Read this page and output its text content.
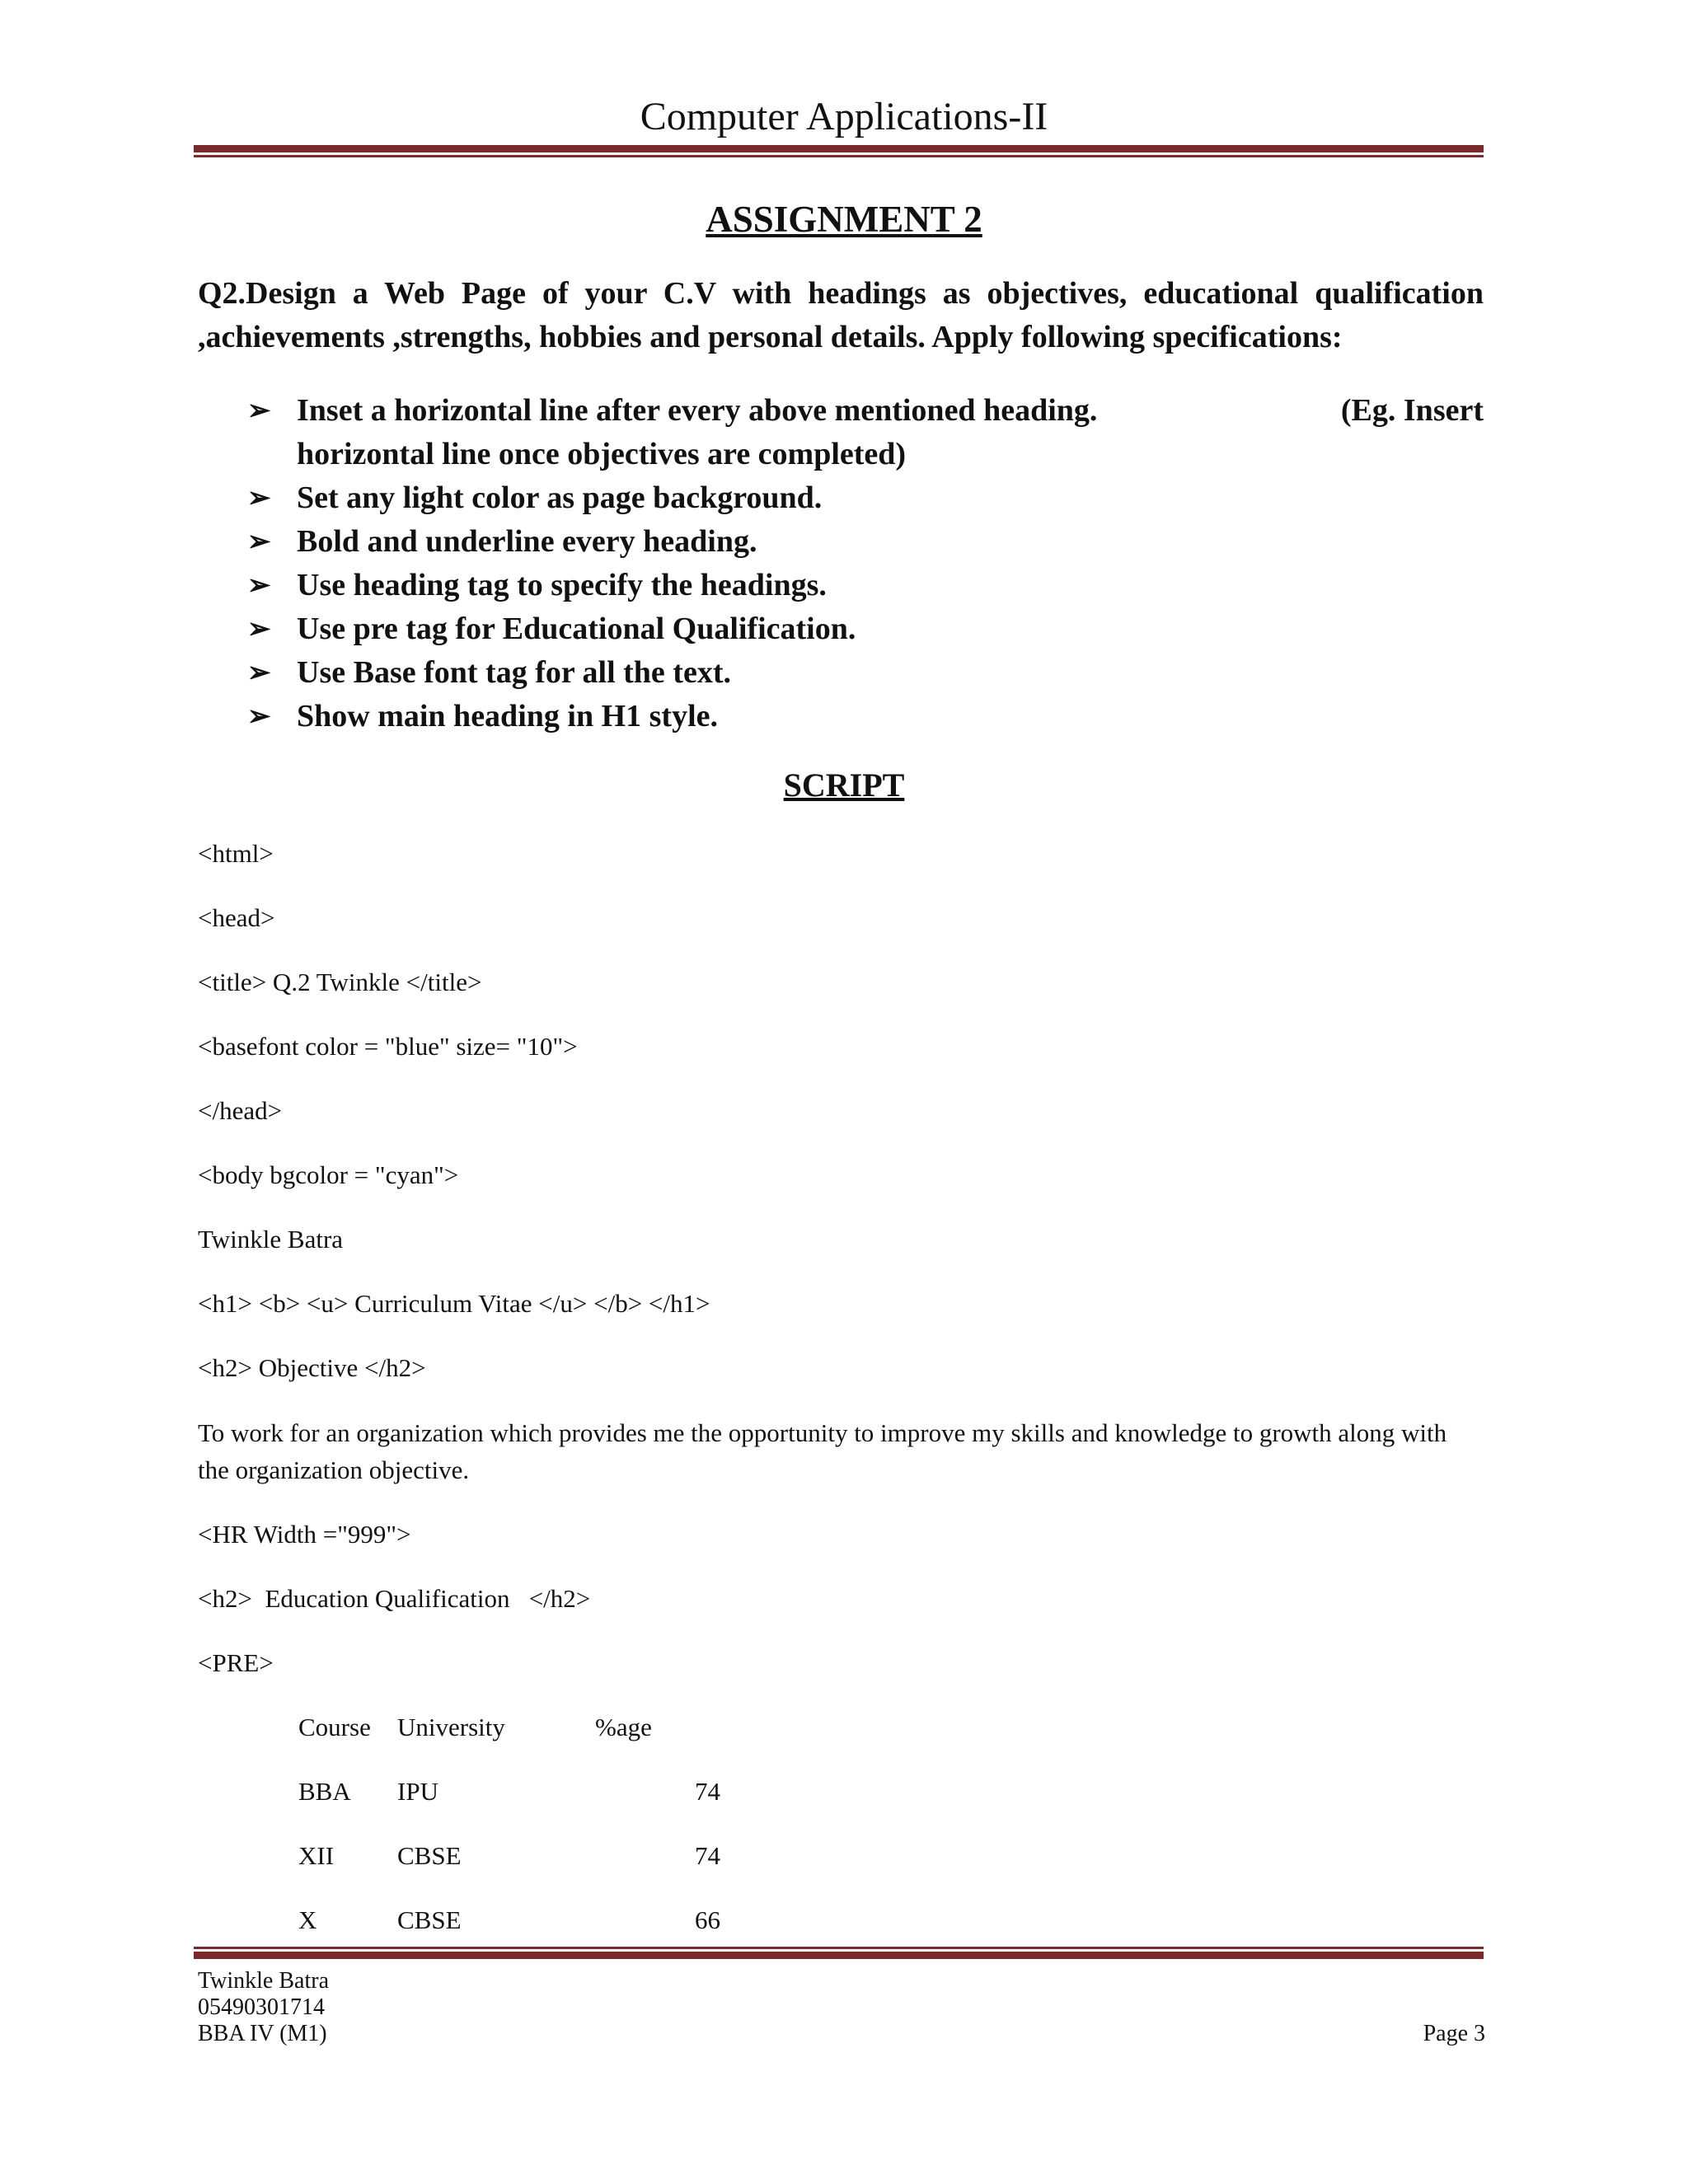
Computer Applications-II
ASSIGNMENT 2
Q2.Design a Web Page of your C.V with headings as objectives, educational qualification ,achievements ,strengths, hobbies and personal details. Apply following specifications:
➢ Inset a horizontal line after every above mentioned heading.	(Eg. Insert
horizontal line once objectives are completed)
➢ Set any light color as page background.
➢ Bold and underline every heading.
➢ Use heading tag to specify the headings.
➢ Use pre tag for Educational Qualification.
➢ Use Base font tag for all the text.
➢ Show main heading in H1 style.
SCRIPT
<html>
<head>
<title> Q.2 Twinkle </title>
<basefont color = "blue" size= "10">
</head>
<body bgcolor = "cyan">
Twinkle Batra
<h1> <b> <u> Curriculum Vitae </u> </b> </h1>
<h2> Objective </h2>
To work for an organization which provides me the opportunity to improve my skills and knowledge to growth along with the organization objective.
<HR Width ="999">
<h2>  Education Qualification   </h2>
<PRE>
Course University	%age
BBA IPU	74
XII CBSE	74
X	CBSE	66
Twinkle Batra
05490301714
BBA IV (M1)	Page 3
